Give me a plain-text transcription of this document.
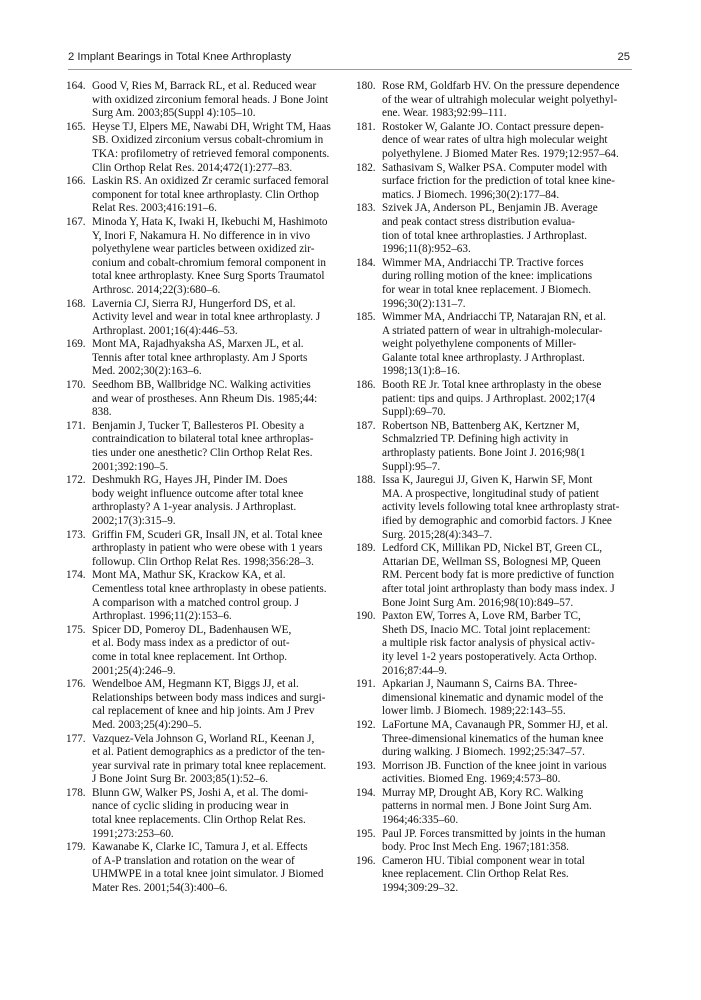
2 Implant Bearings in Total Knee Arthroplasty	25
164. Good V, Ries M, Barrack RL, et al. Reduced wear
with oxidized zirconium femoral heads. J Bone Joint
Surg Am. 2003;85(Suppl 4):105–10.
165. Heyse TJ, Elpers ME, Nawabi DH, Wright TM, Haas
SB. Oxidized zirconium versus cobalt-chromium in
TKA: profilometry of retrieved femoral components.
Clin Orthop Relat Res. 2014;472(1):277–83.
166. Laskin RS. An oxidized Zr ceramic surfaced femoral
component for total knee arthroplasty. Clin Orthop
Relat Res. 2003;416:191–6.
167. Minoda Y, Hata K, Iwaki H, Ikebuchi M, Hashimoto
Y, Inori F, Nakamura H. No difference in in vivo
polyethylene wear particles between oxidized zir-
conium and cobalt-chromium femoral component in
total knee arthroplasty. Knee Surg Sports Traumatol
Arthrosc. 2014;22(3):680–6.
168. Lavernia CJ, Sierra RJ, Hungerford DS, et al.
Activity level and wear in total knee arthroplasty. J
Arthroplast. 2001;16(4):446–53.
169. Mont MA, Rajadhyaksha AS, Marxen JL, et al.
Tennis after total knee arthroplasty. Am J Sports
Med. 2002;30(2):163–6.
170. Seedhom BB, Wallbridge NC. Walking activities
and wear of prostheses. Ann Rheum Dis. 1985;44:
838.
171. Benjamin J, Tucker T, Ballesteros PI. Obesity a
contraindication to bilateral total knee arthroplas-
ties under one anesthetic? Clin Orthop Relat Res.
2001;392:190–5.
172. Deshmukh RG, Hayes JH, Pinder IM. Does
body weight influence outcome after total knee
arthroplasty? A 1-year analysis. J Arthroplast.
2002;17(3):315–9.
173. Griffin FM, Scuderi GR, Insall JN, et al. Total knee
arthroplasty in patient who were obese with 1 years
followup. Clin Orthop Relat Res. 1998;356:28–3.
174. Mont MA, Mathur SK, Krackow KA, et al.
Cementless total knee arthroplasty in obese patients.
A comparison with a matched control group. J
Arthroplast. 1996;11(2):153–6.
175. Spicer DD, Pomeroy DL, Badenhausen WE,
et al. Body mass index as a predictor of out-
come in total knee replacement. Int Orthop.
2001;25(4):246–9.
176. Wendelboe AM, Hegmann KT, Biggs JJ, et al.
Relationships between body mass indices and surgi-
cal replacement of knee and hip joints. Am J Prev
Med. 2003;25(4):290–5.
177. Vazquez-Vela Johnson G, Worland RL, Keenan J,
et al. Patient demographics as a predictor of the ten-
year survival rate in primary total knee replacement.
J Bone Joint Surg Br. 2003;85(1):52–6.
178. Blunn GW, Walker PS, Joshi A, et al. The domi-
nance of cyclic sliding in producing wear in
total knee replacements. Clin Orthop Relat Res.
1991;273:253–60.
179. Kawanabe K, Clarke IC, Tamura J, et al. Effects
of A-P translation and rotation on the wear of
UHMWPE in a total knee joint simulator. J Biomed
Mater Res. 2001;54(3):400–6.
180. Rose RM, Goldfarb HV. On the pressure dependence
of the wear of ultrahigh molecular weight polyethyl-
ene. Wear. 1983;92:99–111.
181. Rostoker W, Galante JO. Contact pressure depen-
dence of wear rates of ultra high molecular weight
polyethylene. J Biomed Mater Res. 1979;12:957–64.
182. Sathasivam S, Walker PSA. Computer model with
surface friction for the prediction of total knee kine-
matics. J Biomech. 1996;30(2):177–84.
183. Szivek JA, Anderson PL, Benjamin JB. Average
and peak contact stress distribution evalua-
tion of total knee arthroplasties. J Arthroplast.
1996;11(8):952–63.
184. Wimmer MA, Andriacchi TP. Tractive forces
during rolling motion of the knee: implications
for wear in total knee replacement. J Biomech.
1996;30(2):131–7.
185. Wimmer MA, Andriacchi TP, Natarajan RN, et al.
A striated pattern of wear in ultrahigh-molecular-
weight polyethylene components of Miller-
Galante total knee arthroplasty. J Arthroplast.
1998;13(1):8–16.
186. Booth RE Jr. Total knee arthroplasty in the obese
patient: tips and quips. J Arthroplast. 2002;17(4
Suppl):69–70.
187. Robertson NB, Battenberg AK, Kertzner M,
Schmalzried TP. Defining high activity in
arthroplasty patients. Bone Joint J. 2016;98(1
Suppl):95–7.
188. Issa K, Jauregui JJ, Given K, Harwin SF, Mont
MA. A prospective, longitudinal study of patient
activity levels following total knee arthroplasty strat-
ified by demographic and comorbid factors. J Knee
Surg. 2015;28(4):343–7.
189. Ledford CK, Millikan PD, Nickel BT, Green CL,
Attarian DE, Wellman SS, Bolognesi MP, Queen
RM. Percent body fat is more predictive of function
after total joint arthroplasty than body mass index. J
Bone Joint Surg Am. 2016;98(10):849–57.
190. Paxton EW, Torres A, Love RM, Barber TC,
Sheth DS, Inacio MC. Total joint replacement:
a multiple risk factor analysis of physical activ-
ity level 1-2 years postoperatively. Acta Orthop.
2016;87:44–9.
191. Apkarian J, Naumann S, Cairns BA. Three-
dimensional kinematic and dynamic model of the
lower limb. J Biomech. 1989;22:143–55.
192. LaFortune MA, Cavanaugh PR, Sommer HJ, et al.
Three-dimensional kinematics of the human knee
during walking. J Biomech. 1992;25:347–57.
193. Morrison JB. Function of the knee joint in various
activities. Biomed Eng. 1969;4:573–80.
194. Murray MP, Drought AB, Kory RC. Walking
patterns in normal men. J Bone Joint Surg Am.
1964;46:335–60.
195. Paul JP. Forces transmitted by joints in the human
body. Proc Inst Mech Eng. 1967;181:358.
196. Cameron HU. Tibial component wear in total
knee replacement. Clin Orthop Relat Res.
1994;309:29–32.
